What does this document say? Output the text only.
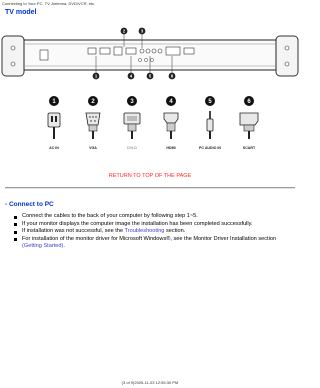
Connecting to Your PC, TV, Antenna, DVD/VCR, etc.
TV model
2	3
1	4	5	6
1
AC IN
2
VGA
3
DVI-D
4
HDMI
5
PC AUDIO IN
6
SCART
RETURN TO TOP OF THE PAGE
- Connect to PC
Connect the cables to the back of your computer by following step 1~5.
If your monitor displays the computer image the installation has been completed successfully.
If installation was not successful, see the Troubleshooting section.
For installation of the monitor driver for Microsoft Windows®, see the Monitor Driver Installation section (Getting Started).
(3 of 9)2005-11-03 12:55:30 PM
